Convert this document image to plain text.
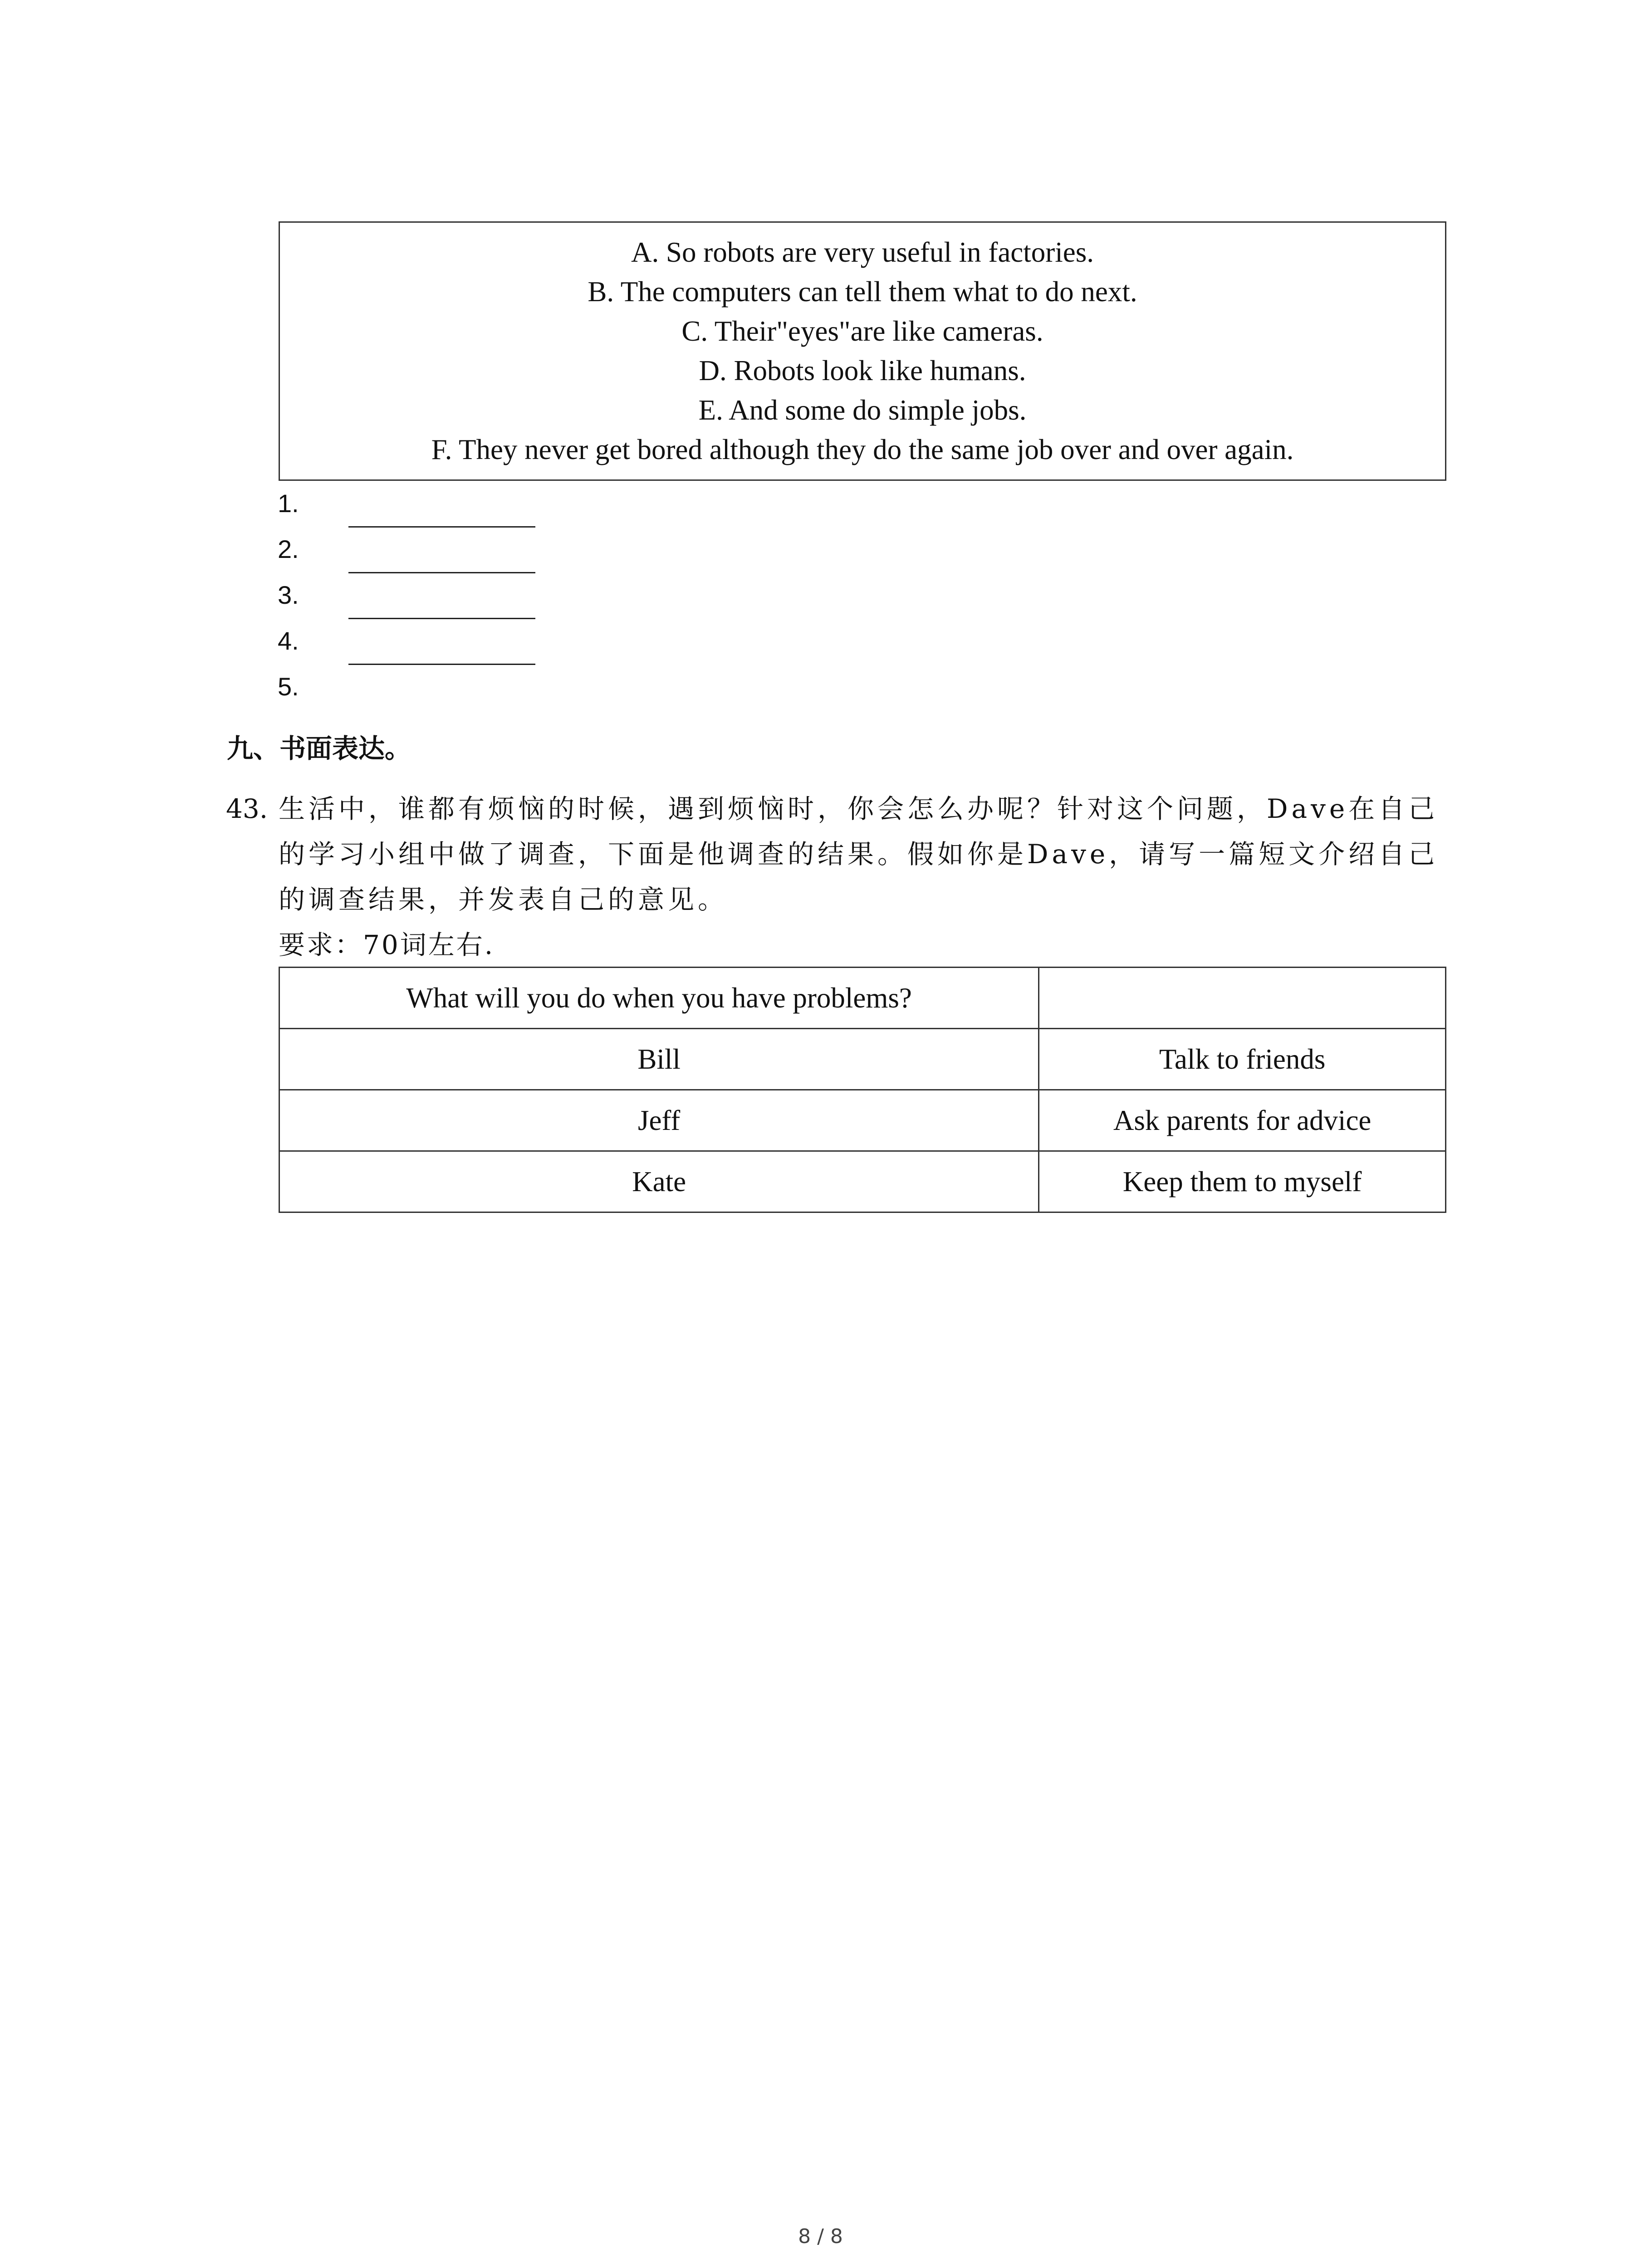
A. So robots are very useful in factories.
B. The computers can tell them what to do next.
C. Their"eyes"are like cameras.
D. Robots look like humans.
E. And some do simple jobs.
F. They never get bored although they do the same job over and over again.
1.
2.
3.
4.
5.
九、书面表达。
43. 生活中，谁都有烦恼的时候，遇到烦恼时，你会怎么办呢？针对这个问题，Dave在自己
的学习小组中做了调查，下面是他调查的结果。假如你是Dave，请写一篇短文介绍自己
的调查结果，并发表自己的意见。
要求：70词左右.
What will you do when you have problems?	
Bill	Talk to friends
Jeff	Ask parents for advice
Kate	Keep them to myself
8 / 8
